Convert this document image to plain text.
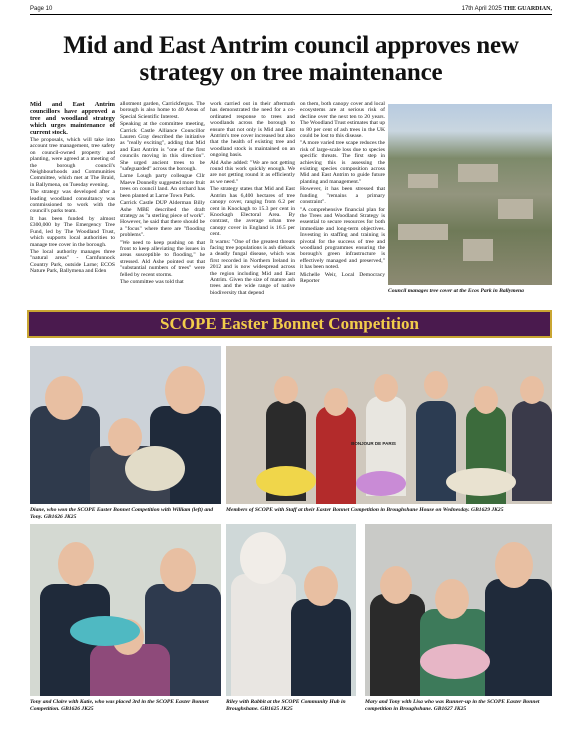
Page 10	17th April 2025 THE GUARDIAN,
Mid and East Antrim council approves new strategy on tree maintenance

Mid and East Antrim councillors have approved a tree and woodland strategy which urges maintenance of current stock.

The proposals, which will take into account tree management, tree safety on council-owned property and planting, were agreed at a meeting of the borough council's Neighbourhoods and Communities Committee, which met at The Braid, in Ballymena, on Tuesday evening.

The strategy was developed after a leading woodland consultancy was commissioned to work with the council's parks team.

It has been funded by almost £300,000 by The Emergency Tree Fund, led by The Woodland Trust, which supports local authorities to manage tree cover in the borough.

The local authority manages three "natural areas" - Carnfunnock Country Park, outside Larne; ECOS Nature Park, Ballymena and Eden

allotment garden, Carrickfergus. The borough is also home to 40 Areas of Special Scientific Interest.

Speaking at the committee meeting, Carrick Castle Alliance Councillor Lauren Gray described the initiative as "really exciting", adding that Mid and East Antrim is "one of the first councils moving in this direction". She urged ancient trees to be "safeguarded" across the borough.

Larne Lough party colleague Cllr Maeve Donnelly suggested more fruit trees on council land. An orchard has been planted at Larne Town Park.

Carrick Castle DUP Alderman Billy Ashe MBE described the draft strategy as "a sterling piece of work". However, he said that there should be a "focus" where there are "flooding problems".

"We need to keep pushing on that front to keep alleviating the issues in areas susceptible to flooding," he stressed. Ald Ashe pointed out that "substantial numbers of trees" were felled by recent storms.

The committee was told that

work carried out in their aftermath has demonstrated the need for a co-ordinated response to trees and woodlands across the borough to ensure that not only is Mid and East Antrim's tree cover increased but also that the health of existing tree and woodland stock is maintained on an ongoing basis.

Ald Ashe added: "We are not getting round this work quickly enough. We are not getting round it as efficiently as we need."

The strategy states that Mid and East Antrim has 6,400 hectares of tree canopy cover, ranging from 6.2 per cent in Knockagh to 15.3 per cent in Knockagh Electoral Area. By contrast, the average urban tree canopy cover in England is 16.5 per cent.

It warns: "One of the greatest threats facing tree populations is ash dieback a deadly fungal disease, which was first recorded in Northern Ireland in 2012 and is now widespread across the region including Mid and East Antrim. Given the size of mature ash trees and the wide range of native biodiversity that depend

on them, both canopy cover and local ecosystems are at serious risk of decline over the next ten to 20 years. The Woodland Trust estimates that up to 80 per cent of ash trees in the UK could be lost to this disease.

"A more varied tree scape reduces the risk of large-scale loss due to species specific threats. The first step in achieving this is assessing the existing species composition across Mid and East Antrim to guide future planting and management."

However, it has been stressed that funding "remains a primary constraint".

"A comprehensive financial plan for the Trees and Woodland Strategy is essential to secure resources for both immediate and long-term objectives. Investing in staffing and training is pivotal for the success of tree and woodland programmes ensuring the borough's green infrastructure is effectively managed and preserved," it has been noted.

Michelle Weir, Local Democracy Reporter

Council manages tree cover at the Ecos Park in Ballymena
SCOPE Easter Bonnet Competition
Diane, who won the SCOPE Easter Bonnet Competition with William (left) and Tony. GB1626 JK25
BONJOUR DE PARIS
Members of SCOPE with Staff at their Easter Bonnet Competition in Broughshane House on Wednesday. GB1629 JK25
Tony and Claire with Katie, who was placed 3rd in the SCOPE Easter Bonnet Competition. GB1626 JK25
Riley with Rabbit at the SCOPE Community Hub in Broughshane. GB1625 JK25
Mary and Tony with Lisa who was Runner-up in the SCOPE Easter Bonnet competition in Broughshane. GB1627 JK25
